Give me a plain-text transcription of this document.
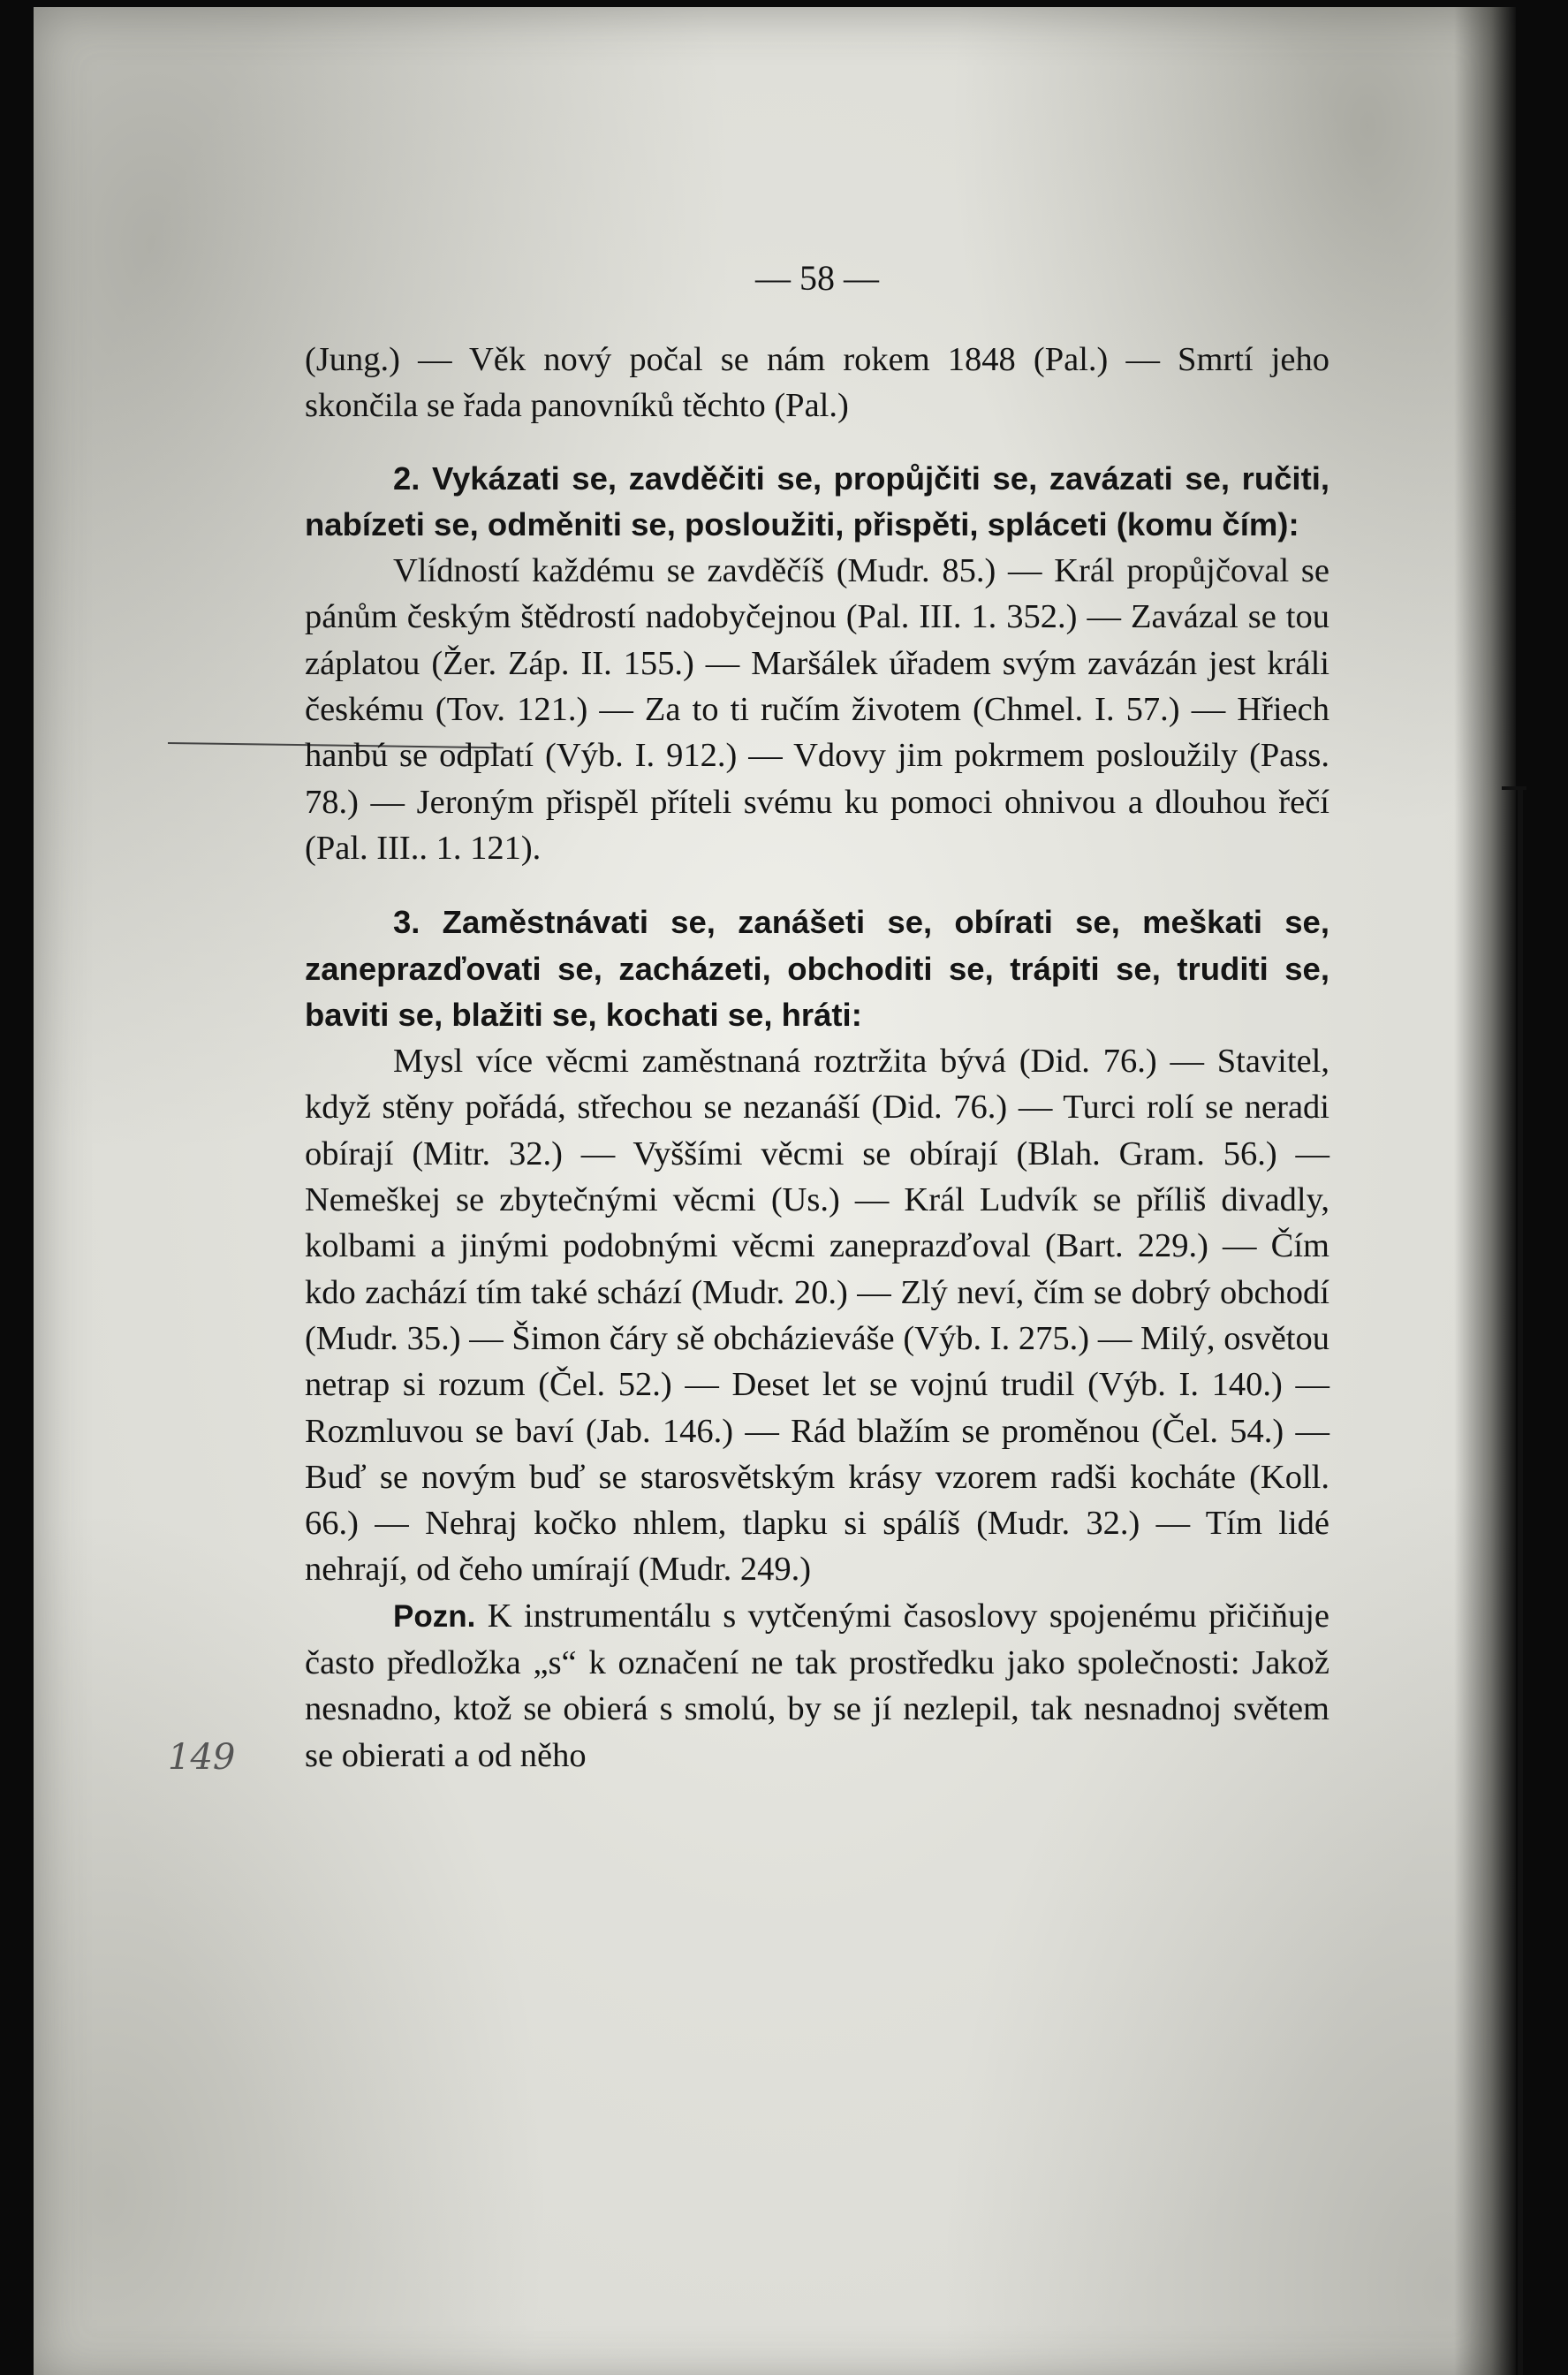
149
— 58 —

(Jung.) — Věk nový počal se nám rokem 1848 (Pal.) — Smrtí jeho skončila se řada panovníků těchto (Pal.)

2. Vykázati se, zavděčiti se, propůjčiti se, zavázati se, ručiti, nabízeti se, odměniti se, posloužiti, přispěti, spláceti (komu čím):

Vlídností každému se zavděčíš (Mudr. 85.) — Král propůjčoval se pánům českým štědrostí nadobyčejnou (Pal. III. 1. 352.) — Zavázal se tou záplatou (Žer. Záp. II. 155.) — Maršálek úřadem svým zavázán jest králi českému (Tov. 121.) — Za to ti ručím životem (Chmel. I. 57.) — Hřiech hanbú se odplatí (Výb. I. 912.) — Vdovy jim pokrmem posloužily (Pass. 78.) — Jeroným přispěl příteli svému ku pomoci ohnivou a dlouhou řečí (Pal. III.. 1. 121).

3. Zaměstnávati se, zanášeti se, obírati se, meškati se, zaneprazďovati se, zacházeti, obchoditi se, trápiti se, truditi se, baviti se, blažiti se, kochati se, hráti:

Mysl více věcmi zaměstnaná roztržita bývá (Did. 76.) — Stavitel, když stěny pořádá, střechou se nezanáší (Did. 76.) — Turci rolí se neradi obírají (Mitr. 32.) — Vyššími věcmi se obírají (Blah. Gram. 56.) — Nemeškej se zbytečnými věcmi (Us.) — Král Ludvík se příliš divadly, kolbami a jinými podobnými věcmi zaneprazďoval (Bart. 229.) — Čím kdo zachází tím také schází (Mudr. 20.) — Zlý neví, čím se dobrý obchodí (Mudr. 35.) — Šimon čáry sě obcházieváše (Výb. I. 275.) — Milý, osvětou netrap si rozum (Čel. 52.) — Deset let se vojnú trudil (Výb. I. 140.) — Rozmluvou se baví (Jab. 146.) — Rád blažím se proměnou (Čel. 54.) — Buď se novým buď se starosvětským krásy vzorem radši kocháte (Koll. 66.) — Nehraj kočko nhlem, tlapku si spálíš (Mudr. 32.) — Tím lidé nehrají, od čeho umírají (Mudr. 249.)

Pozn. K instrumentálu s vytčenými časoslovy spojenému přičiňuje často předložka „s“ k označení ne tak prostředku jako společnosti: Jakož nesnadno, ktož se obierá s smolú, by se jí nezlepil, tak nesnadnoj světem se obierati a od něho
